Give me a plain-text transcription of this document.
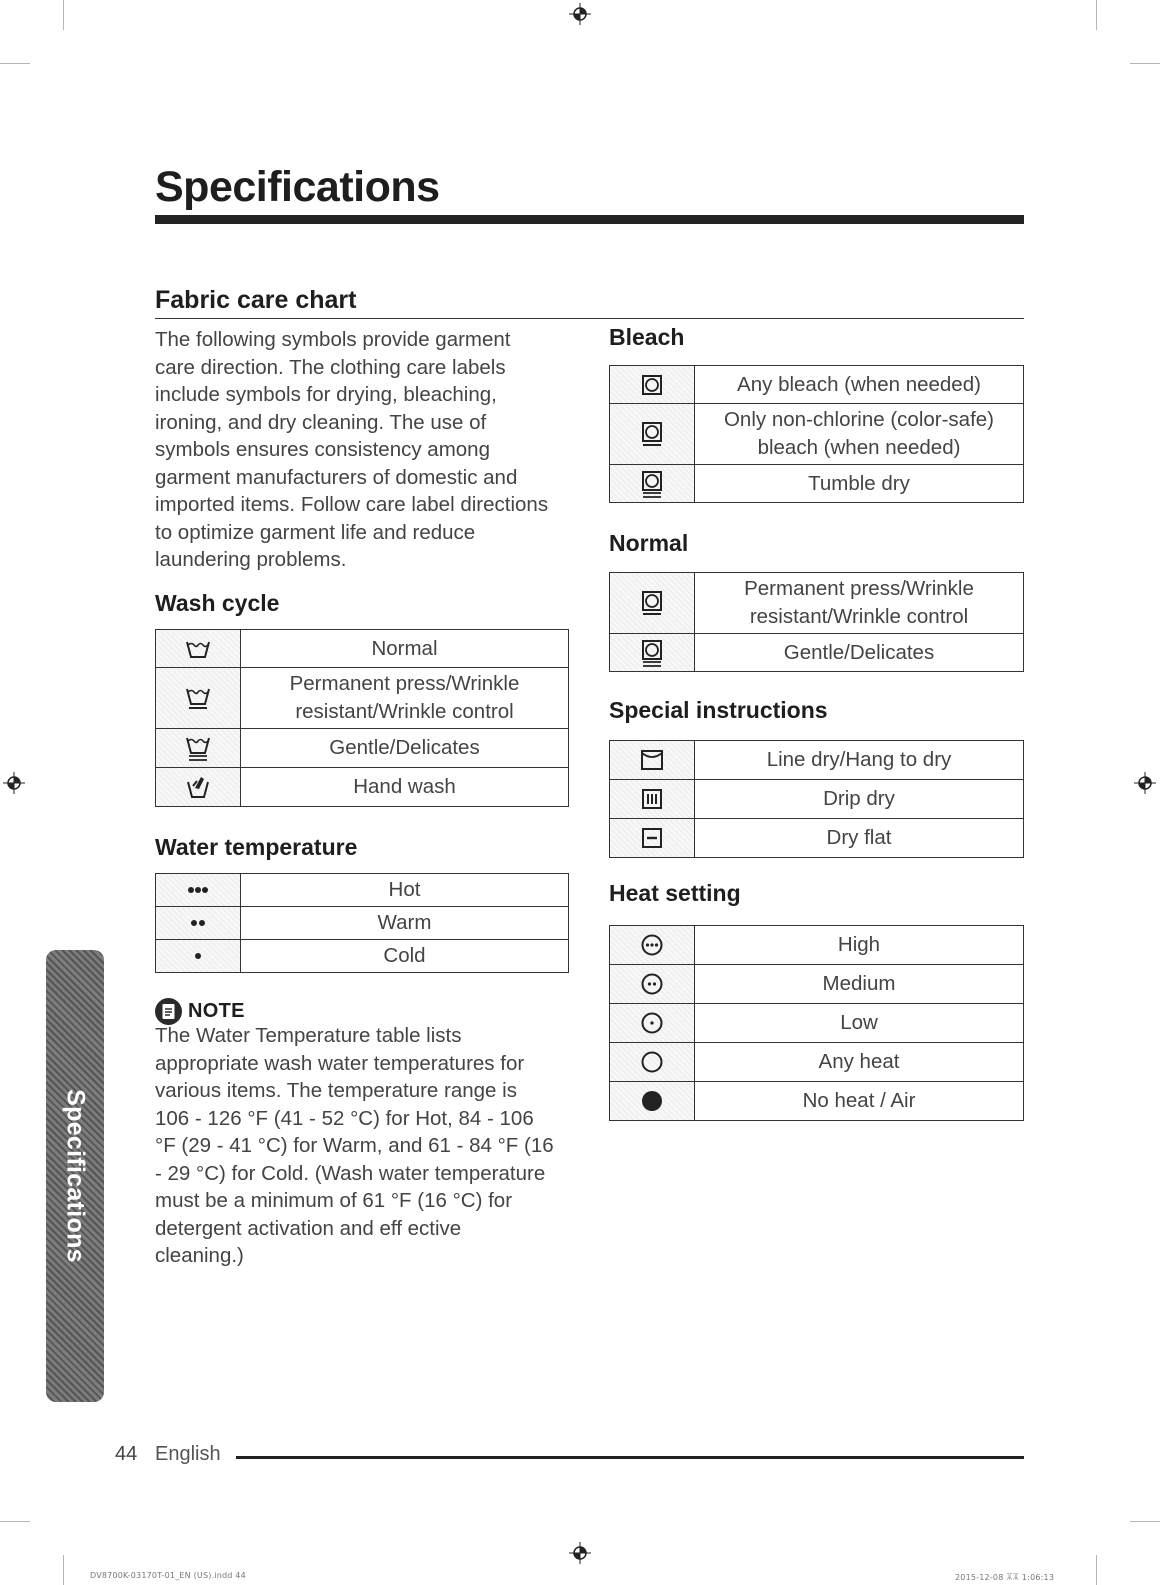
Specifications
Fabric care chart
The following symbols provide garment care direction. The clothing care labels include symbols for drying, bleaching, ironing, and dry cleaning. The use of symbols ensures consistency among garment manufacturers of domestic and imported items. Follow care label directions to optimize garment life and reduce laundering problems.
Wash cycle
	Normal

	Permanent press/Wrinkle resistant/Wrinkle control

	Gentle/Delicates

	Hand wash
Water temperature
	Hot

	Warm

	Cold
NOTE
The Water Temperature table lists appropriate wash water temperatures for various items. The temperature range is 106 - 126 °F (41 - 52 °C) for Hot, 84 - 106 °F (29 - 41 °C) for Warm, and 61 - 84 °F (16 - 29 °C) for Cold. (Wash water temperature must be a minimum of 61 °F (16 °C) for detergent activation and eff ective cleaning.)
Bleach
	Any bleach (when needed)

	Only non-chlorine (color-safe) bleach (when needed)

	Tumble dry
Normal
	Permanent press/Wrinkle resistant/Wrinkle control

	Gentle/Delicates
Special instructions
	Line dry/Hang to dry

	Drip dry

	Dry flat
Heat setting
	High

	Medium

	Low

	Any heat

	No heat / Air
Specifications
44 English
DV8700K-03170T-01_EN (US).indd 44	2015-12-08 ꈠꈠ 1:06:13
